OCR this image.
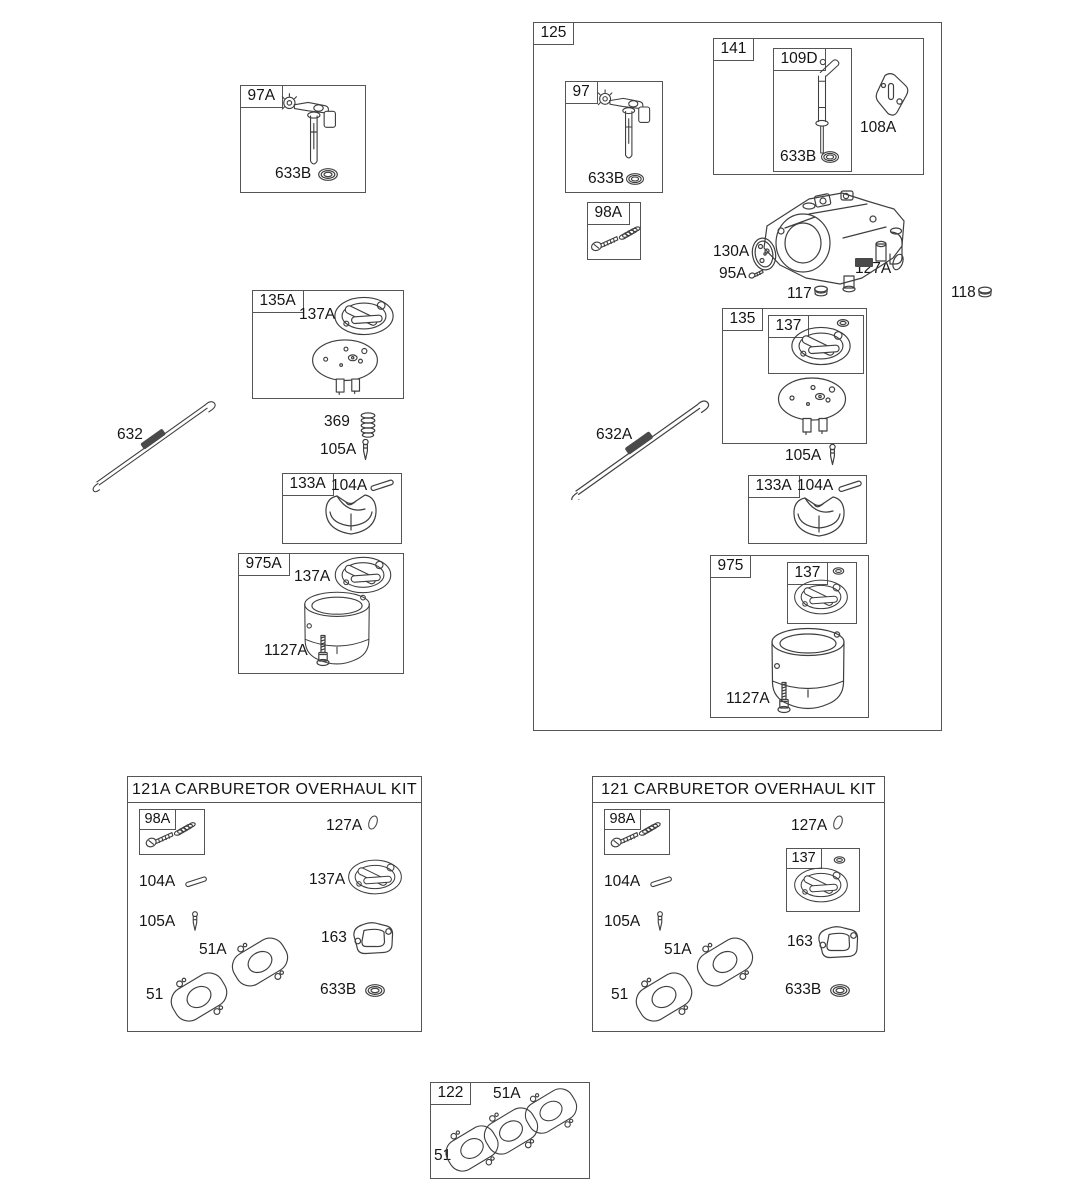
97A
125
97
141
109D
98A
135	137
133A
975	137
135A
133A
975A
121A CARBURETOR OVERHAUL KIT
98A
121 CARBURETOR OVERHAUL KIT
98A
137
122
633B	633B
633B
108A
130A
95A	127A
117	118
632A
105A
104A
1127A
137A
632
369
105A
104A
137A
1127A
127A
104A	137A
105A
51A
163
51	633B
127A
104A
105A
51A	163
51	633B
51A
51
